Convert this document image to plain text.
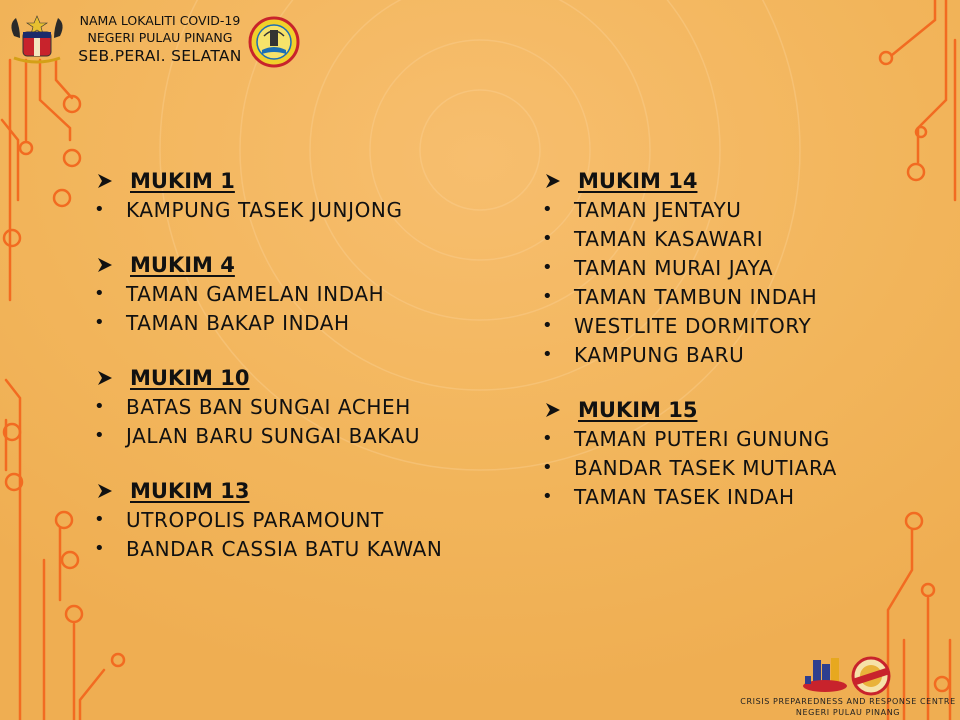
NAMA LOKALITI COVID-19
NEGERI PULAU PINANG
SEB.PERAI. SELATAN
MUKIM 1
•	KAMPUNG TASEK JUNJONG
MUKIM 4
•	TAMAN GAMELAN INDAH
•	TAMAN BAKAP INDAH
MUKIM 10
•	BATAS BAN SUNGAI ACHEH
•	JALAN BARU SUNGAI BAKAU
MUKIM 13
•	UTROPOLIS PARAMOUNT
•	BANDAR CASSIA BATU KAWAN
MUKIM 14
•	TAMAN JENTAYU
•	TAMAN KASAWARI
•	TAMAN MURAI JAYA
•	TAMAN TAMBUN INDAH
•	WESTLITE DORMITORY
•	KAMPUNG BARU
MUKIM 15
•	TAMAN PUTERI GUNUNG
•	BANDAR TASEK MUTIARA
•	TAMAN TASEK INDAH
CRISIS PREPAREDNESS AND RESPONSE CENTRE
NEGERI PULAU PINANG
